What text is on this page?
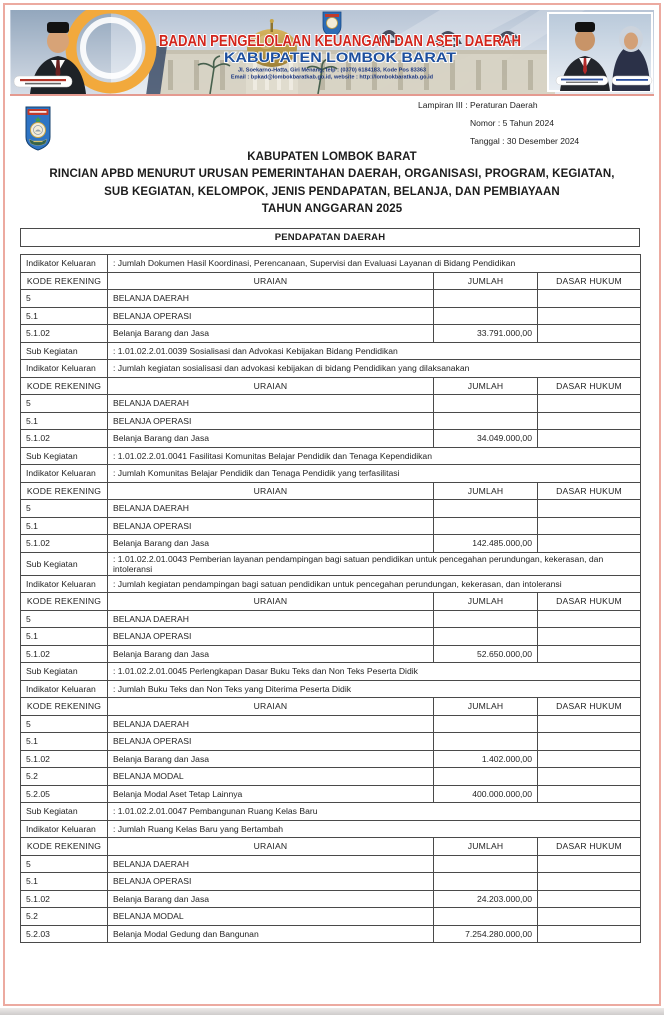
BADAN PENGELOLAAN KEUANGAN DAN ASET DAERAH
KABUPATEN LOMBOK BARAT
Jl. Soekarno-Hatta, Giri Menang, telp : (0370) 6184183, Kode Pos 83363
Email : bpkad@lombokbaratkab.go.id, website : http://lombokbaratkab.go.id
Lampiran III : Peraturan Daerah
Nomor : 5 Tahun 2024
Tanggal : 30 Desember 2024
KABUPATEN LOMBOK BARAT
RINCIAN APBD MENURUT URUSAN PEMERINTAHAN DAERAH, ORGANISASI, PROGRAM, KEGIATAN,
SUB KEGIATAN, KELOMPOK, JENIS PENDAPATAN, BELANJA, DAN PEMBIAYAAN
TAHUN ANGGARAN 2025
PENDAPATAN DAERAH
Indikator Keluaran	: Jumlah Dokumen Hasil Koordinasi, Perencanaan, Supervisi dan Evaluasi Layanan di Bidang Pendidikan		
KODE REKENING	URAIAN	JUMLAH	DASAR HUKUM
5	BELANJA DAERAH		
5.1	BELANJA OPERASI		
5.1.02	Belanja Barang dan Jasa	33.791.000,00	
Sub Kegiatan	: 1.01.02.2.01.0039 Sosialisasi dan Advokasi Kebijakan Bidang Pendidikan		
Indikator Keluaran	: Jumlah kegiatan sosialisasi dan advokasi kebijakan di bidang Pendidikan yang dilaksanakan		
KODE REKENING	URAIAN	JUMLAH	DASAR HUKUM
5	BELANJA DAERAH		
5.1	BELANJA OPERASI		
5.1.02	Belanja Barang dan Jasa	34.049.000,00	
Sub Kegiatan	: 1.01.02.2.01.0041 Fasilitasi Komunitas Belajar Pendidik dan Tenaga Kependidikan		
Indikator Keluaran	: Jumlah Komunitas Belajar Pendidik dan Tenaga Pendidik yang terfasilitasi		
KODE REKENING	URAIAN	JUMLAH	DASAR HUKUM
5	BELANJA DAERAH		
5.1	BELANJA OPERASI		
5.1.02	Belanja Barang dan Jasa	142.485.000,00	
Sub Kegiatan	: 1.01.02.2.01.0043 Pemberian layanan pendampingan bagi satuan pendidikan untuk pencegahan perundungan, kekerasan, dan intoleransi		
Indikator Keluaran	: Jumlah kegiatan pendampingan bagi satuan pendidikan untuk pencegahan perundungan, kekerasan, dan intoleransi		
KODE REKENING	URAIAN	JUMLAH	DASAR HUKUM
5	BELANJA DAERAH		
5.1	BELANJA OPERASI		
5.1.02	Belanja Barang dan Jasa	52.650.000,00	
Sub Kegiatan	: 1.01.02.2.01.0045 Perlengkapan Dasar Buku Teks dan Non Teks Peserta Didik		
Indikator Keluaran	: Jumlah Buku Teks dan Non Teks yang Diterima Peserta Didik		
KODE REKENING	URAIAN	JUMLAH	DASAR HUKUM
5	BELANJA DAERAH		
5.1	BELANJA OPERASI		
5.1.02	Belanja Barang dan Jasa	1.402.000,00	
5.2	BELANJA MODAL		
5.2.05	Belanja Modal Aset Tetap Lainnya	400.000.000,00	
Sub Kegiatan	: 1.01.02.2.01.0047 Pembangunan Ruang Kelas Baru		
Indikator Keluaran	: Jumlah Ruang Kelas Baru yang Bertambah		
KODE REKENING	URAIAN	JUMLAH	DASAR HUKUM
5	BELANJA DAERAH		
5.1	BELANJA OPERASI		
5.1.02	Belanja Barang dan Jasa	24.203.000,00	
5.2	BELANJA MODAL		
5.2.03	Belanja Modal Gedung dan Bangunan	7.254.280.000,00	
